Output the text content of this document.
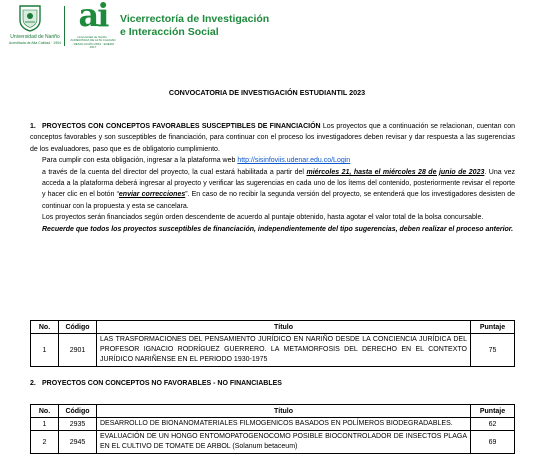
Universidad de Nariño
Acreditada de Alta Calidad · 1904
ai
Universidad de Nariño · ACREDITADA DE ALTA CALIDAD · RESOLUCIÓN 2654 · ENERO 2017
Vicerrectoría de Investigación
e Interacción Social
CONVOCATORIA DE INVESTIGACIÓN ESTUDIANTIL 2023
1. PROYECTOS CON CONCEPTOS FAVORABLES SUSCEPTIBLES DE FINANCIACIÓN Los proyectos que a continuación se relacionan, cuentan con conceptos favorables y son susceptibles de financiación, para continuar con el proceso los investigadores deben revisar y dar respuesta a las sugerencias de los evaluadores, paso que es de obligatorio cumplimiento.
Para cumplir con esta obligación, ingresar a la plataforma web http://sisinfoviis.udenar.edu.co/Login
a través de la cuenta del director del proyecto, la cual estará habilitada a partir del miércoles 21, hasta el miércoles 28 de junio de 2023. Una vez acceda a la plataforma deberá ingresar al proyecto y verificar las sugerencias en cada uno de los ítems del contenido, posteriormente revisar el reporte y hacer clic en el botón “enviar correcciones”. En caso de no recibir la segunda versión del proyecto, se entenderá que los investigadores desisten de continuar con la propuesta y esta se cancelara.
Los proyectos serán financiados según orden descendente de acuerdo al puntaje obtenido, hasta agotar el valor total de la bolsa concursable.
Recuerde que todos los proyectos susceptibles de financiación, independientemente del tipo sugerencias, deben realizar el proceso anterior.
No.	Código	Título	Puntaje
1	2901	LAS TRASFORMACIONES DEL PENSAMIENTO JURÍDICO EN NARIÑO DESDE LA CONCIENCIA JURÍDICA DEL PROFESOR IGNACIO RODRÍGUEZ GUERRERO. LA METAMORFOSIS DEL DERECHO EN EL CONTEXTO JURÍDICO NARIÑENSE EN EL PERIODO 1930-1975	75
2. PROYECTOS CON CONCEPTOS NO FAVORABLES - NO FINANCIABLES
No.	Código	Título	Puntaje
1	2935	DESARROLLO DE BIONANOMATERIALES FILMOGENICOS BASADOS EN POLÍMEROS BIODEGRADABLES.	62
2	2945	EVALUACIÓN DE UN HONGO ENTOMOPATOGENOCOMO POSIBLE BIOCONTROLADOR DE INSECTOS PLAGA EN EL CULTIVO DE TOMATE DE ARBOL (Solanum betaceum)	69
